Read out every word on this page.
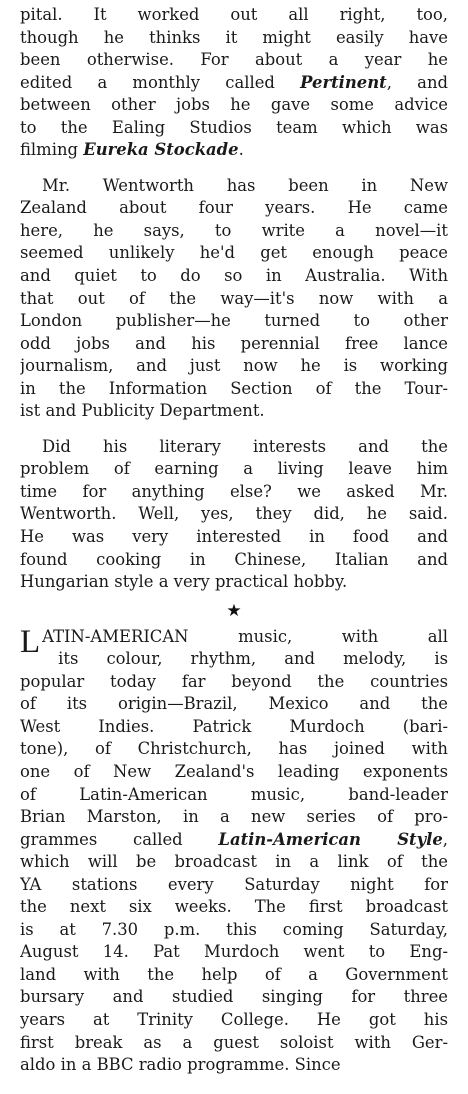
pital. It worked out all right, too,
though he thinks it might easily have
been otherwise. For about a year he
edited a monthly called Pertinent, and
between other jobs he gave some advice
to the Ealing Studios team which was
filming Eureka Stockade.
Mr. Wentworth has been in New
Zealand about four years. He came
here, he says, to write a novel—it
seemed unlikely he'd get enough peace
and quiet to do so in Australia. With
that out of the way—it's now with a
London publisher—he turned to other
odd jobs and his perennial free lance
journalism, and just now he is working
in the Information Section of the Tour-
ist and Publicity Department.
Did his literary interests and the
problem of earning a living leave him
time for anything else? we asked Mr.
Wentworth. Well, yes, they did, he said.
He was very interested in food and
found cooking in Chinese, Italian and
Hungarian style a very practical hobby.
★
L ATIN-AMERICAN music, with all
its colour, rhythm, and melody, is
popular today far beyond the countries
of its origin—Brazil, Mexico and the
West Indies. Patrick Murdoch (bari-
tone), of Christchurch, has joined with
one of New Zealand's leading exponents
of Latin-American music, band-leader
Brian Marston, in a new series of pro-
grammes called Latin-American Style,
which will be broadcast in a link of the
YA stations every Saturday night for
the next six weeks. The first broadcast
is at 7.30 p.m. this coming Saturday,
August 14. Pat Murdoch went to Eng-
land with the help of a Government
bursary and studied singing for three
years at Trinity College. He got his
first break as a guest soloist with Ger-
aldo in a BBC radio programme. Since
